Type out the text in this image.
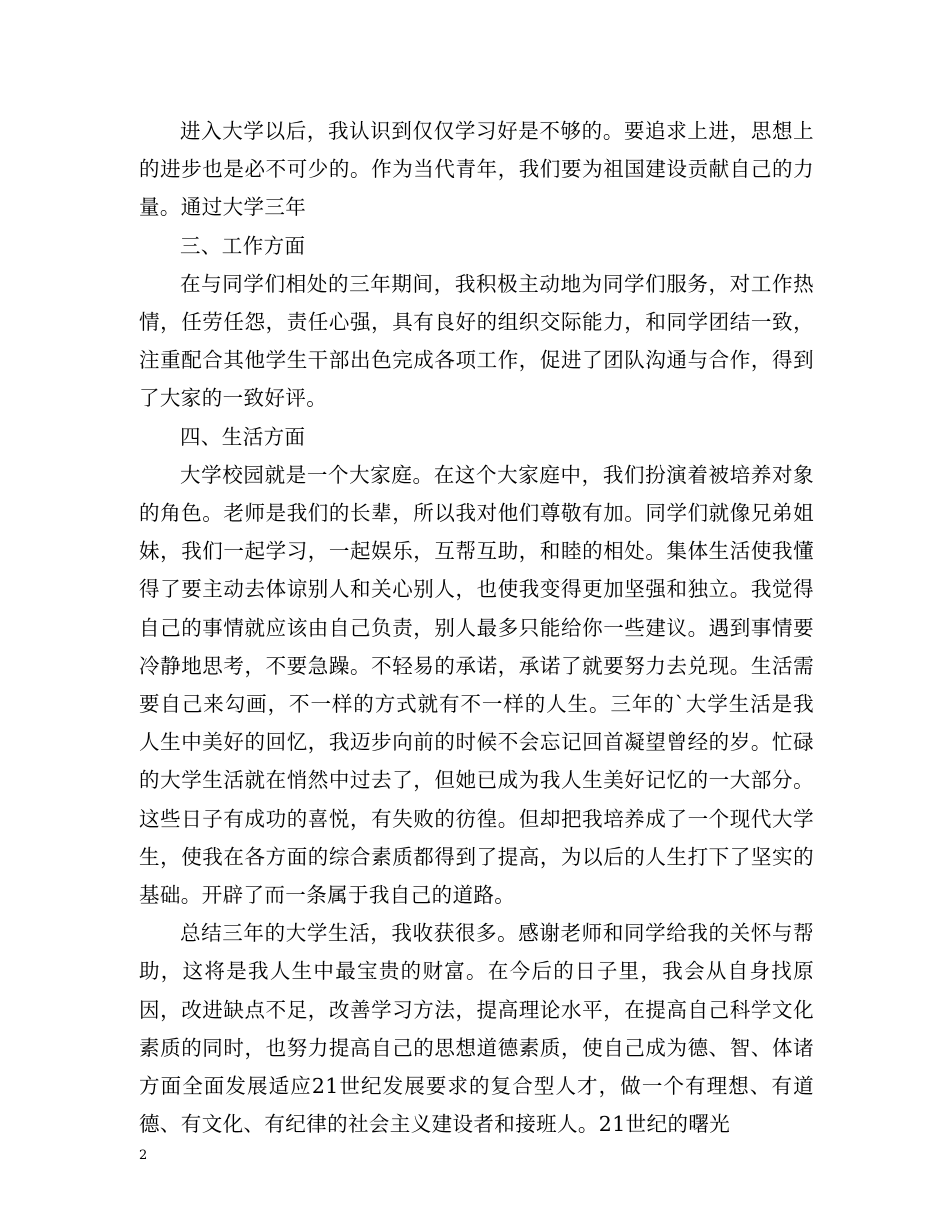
进入大学以后，我认识到仅仅学习好是不够的。要追求上进，思想上的进步也是必不可少的。作为当代青年，我们要为祖国建设贡献自己的力量。通过大学三年

三、工作方面

在与同学们相处的三年期间，我积极主动地为同学们服务，对工作热情，任劳任怨，责任心强，具有良好的组织交际能力，和同学团结一致，注重配合其他学生干部出色完成各项工作，促进了团队沟通与合作，得到了大家的一致好评。

四、生活方面

大学校园就是一个大家庭。在这个大家庭中，我们扮演着被培养对象的角色。老师是我们的长辈，所以我对他们尊敬有加。同学们就像兄弟姐妹，我们一起学习，一起娱乐，互帮互助，和睦的相处。集体生活使我懂得了要主动去体谅别人和关心别人，也使我变得更加坚强和独立。我觉得自己的事情就应该由自己负责，别人最多只能给你一些建议。遇到事情要冷静地思考，不要急躁。不轻易的承诺，承诺了就要努力去兑现。生活需要自己来勾画，不一样的方式就有不一样的人生。三年的`大学生活是我人生中美好的回忆，我迈步向前的时候不会忘记回首凝望曾经的岁。忙碌的大学生活就在悄然中过去了，但她已成为我人生美好记忆的一大部分。这些日子有成功的喜悦，有失败的彷徨。但却把我培养成了一个现代大学生，使我在各方面的综合素质都得到了提高，为以后的人生打下了坚实的基础。开辟了而一条属于我自己的道路。

总结三年的大学生活，我收获很多。感谢老师和同学给我的关怀与帮助，这将是我人生中最宝贵的财富。在今后的日子里，我会从自身找原因，改进缺点不足，改善学习方法，提高理论水平，在提高自己科学文化素质的同时，也努力提高自己的思想道德素质，使自己成为德、智、体诸方面全面发展适应21世纪发展要求的复合型人才，做一个有理想、有道德、有文化、有纪律的社会主义建设者和接班人。21世纪的曙光

2
